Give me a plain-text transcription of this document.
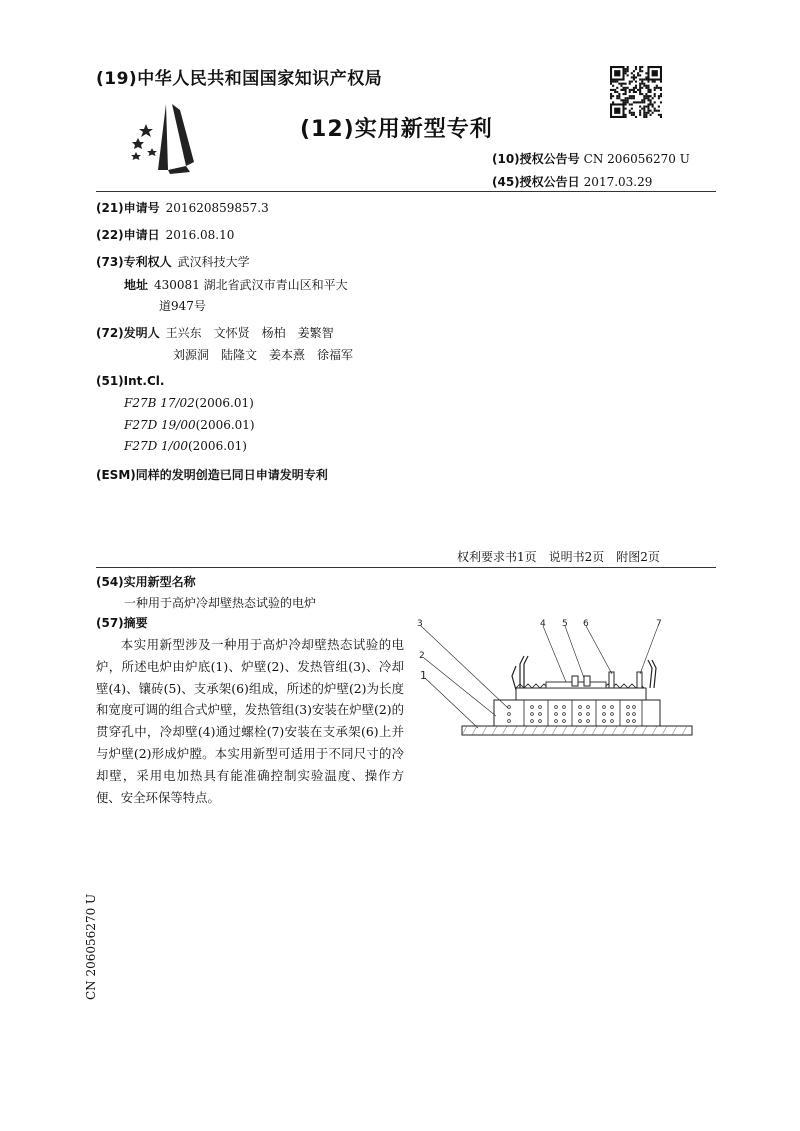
(19)中华人民共和国国家知识产权局
(12)实用新型专利
(10)授权公告号 CN 206056270 U
(45)授权公告日 2017.03.29
(21)申请号 201620859857.3
(22)申请日 2016.08.10
(73)专利权人 武汉科技大学
地址 430081 湖北省武汉市青山区和平大
道947号
(72)发明人 王兴东　文怀贤　杨柏　姜繁智
刘源洞　陆隆文　姜本熹　徐福军
(51)Int.Cl.
F27B 17/02(2006.01)
F27D 19/00(2006.01)
F27D 1/00(2006.01)
(ESM)同样的发明创造已同日申请发明专利
权利要求书1页　说明书2页　附图2页
(54)实用新型名称
一种用于高炉冷却壁热态试验的电炉
(57)摘要
本实用新型涉及一种用于高炉冷却壁热态试验的电炉，所述电炉由炉底(1)、炉壁(2)、发热管组(3)、冷却壁(4)、镶砖(5)、支承架(6)组成，所述的炉壁(2)为长度和宽度可调的组合式炉壁，发热管组(3)安装在炉壁(2)的贯穿孔中，冷却壁(4)通过螺栓(7)安装在支承架(6)上并与炉壁(2)形成炉膛。本实用新型可适用于不同尺寸的冷却壁，采用电加热具有能准确控制实验温度、操作方便、安全环保等特点。
3	4 5 6	7
2
1
CN 206056270 U
